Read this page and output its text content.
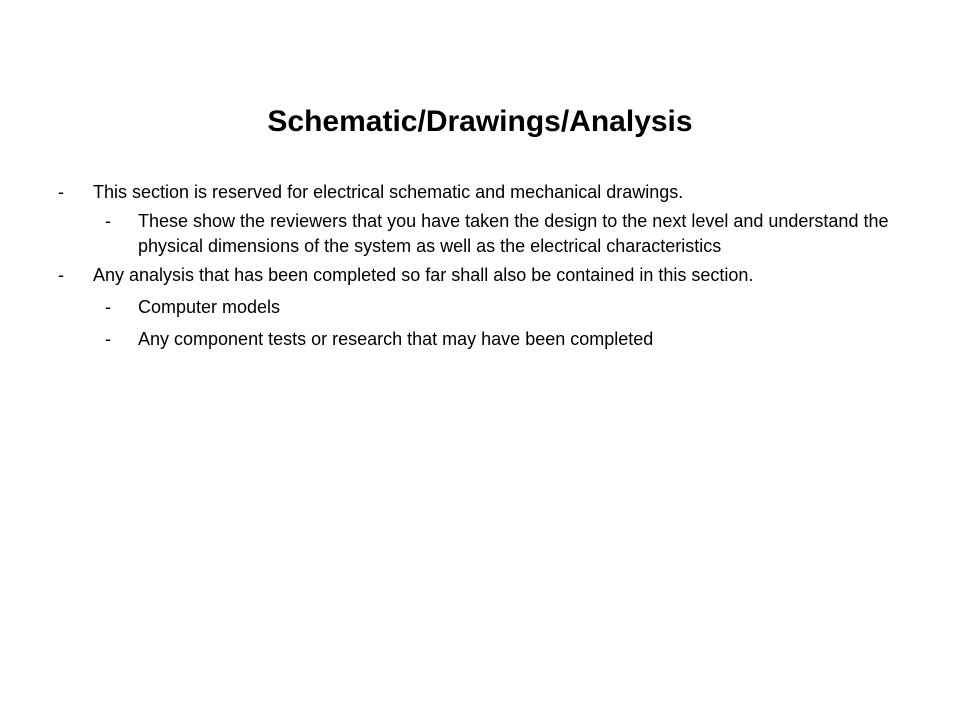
Schematic/Drawings/Analysis
- This section is reserved for electrical schematic and mechanical drawings.
- These show the reviewers that you have taken the design to the next level and understand the physical dimensions of the system as well as the electrical characteristics
- Any analysis that has been completed so far shall also be contained in this section.
- Computer models
- Any component tests or research that may have been completed
